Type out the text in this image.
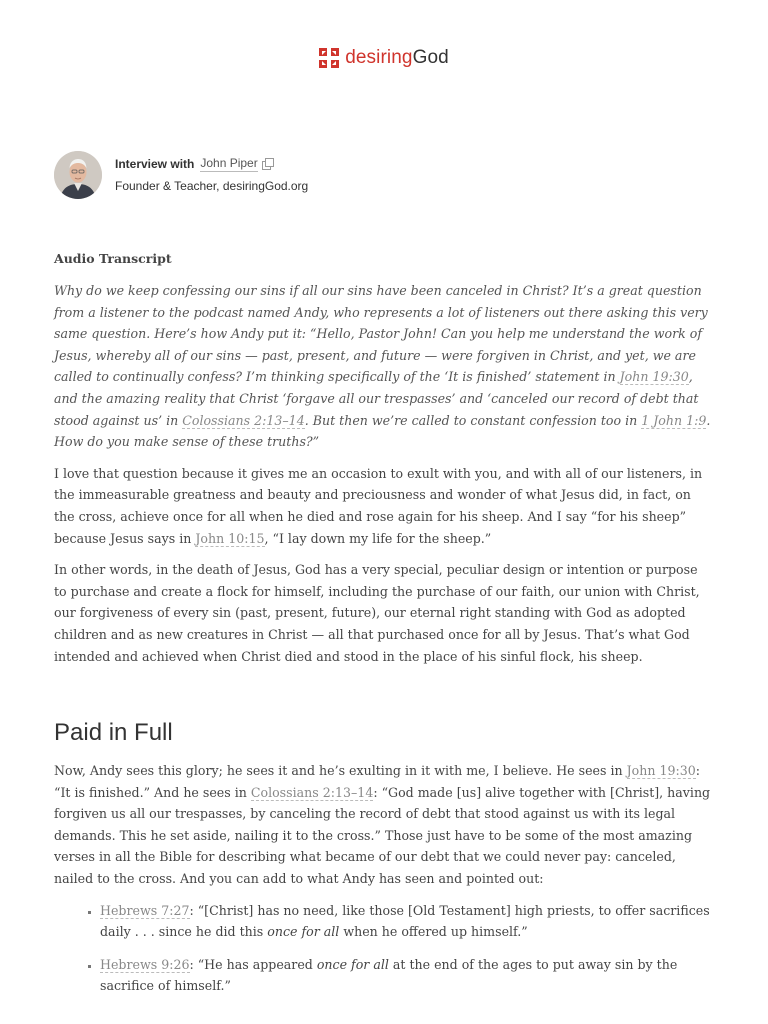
desiringGod
Interview with John Piper
Founder & Teacher, desiringGod.org
Audio Transcript

Why do we keep confessing our sins if all our sins have been canceled in Christ? It’s a great question from a listener to the podcast named Andy, who represents a lot of listeners out there asking this very same question. Here’s how Andy put it: “Hello, Pastor John! Can you help me understand the work of Jesus, whereby all of our sins — past, present, and future — were forgiven in Christ, and yet, we are called to continually confess? I’m thinking specifically of the ‘It is finished’ statement in John 19:30, and the amazing reality that Christ ‘forgave all our trespasses’ and ‘canceled our record of debt that stood against us’ in Colossians 2:13–14. But then we’re called to constant confession too in 1 John 1:9. How do you make sense of these truths?”

I love that question because it gives me an occasion to exult with you, and with all of our listeners, in the immeasurable greatness and beauty and preciousness and wonder of what Jesus did, in fact, on the cross, achieve once for all when he died and rose again for his sheep. And I say “for his sheep” because Jesus says in John 10:15, “I lay down my life for the sheep.”

In other words, in the death of Jesus, God has a very special, peculiar design or intention or purpose to purchase and create a flock for himself, including the purchase of our faith, our union with Christ, our forgiveness of every sin (past, present, future), our eternal right standing with God as adopted children and as new creatures in Christ — all that purchased once for all by Jesus. That’s what God intended and achieved when Christ died and stood in the place of his sinful flock, his sheep.

Paid in Full

Now, Andy sees this glory; he sees it and he’s exulting in it with me, I believe. He sees in John 19:30: “It is finished.” And he sees in Colossians 2:13–14: “God made [us] alive together with [Christ], having forgiven us all our trespasses, by canceling the record of debt that stood against us with its legal demands. This he set aside, nailing it to the cross.” Those just have to be some of the most amazing verses in all the Bible for describing what became of our debt that we could never pay: canceled, nailed to the cross. And you can add to what Andy has seen and pointed out:

▪ Hebrews 7:27: “[Christ] has no need, like those [Old Testament] high priests, to offer sacrifices daily . . . since he did this once for all when he offered up himself.”
▪ Hebrews 9:26: “He has appeared once for all at the end of the ages to put away sin by the sacrifice of himself.”
